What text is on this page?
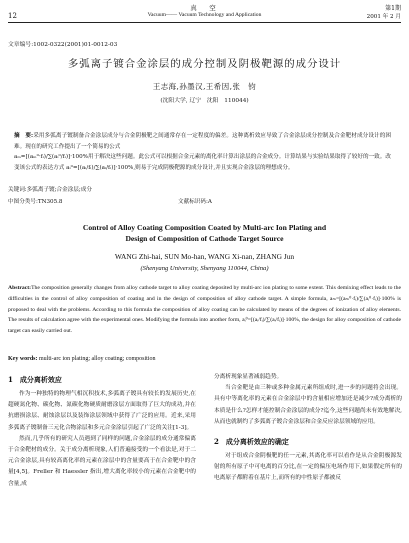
12
真　空
Vacuum—— Vacuum Technology and Application
第1期
2001 年 2 月
文章编号:1002-0322(2001)01-0012-03
多弧离子镀合金涂层的成分控制及阴极靶源的成分设计
王志海,孙墨汉,王希因,张　钧
(沈阳大学, 辽宁　沈阳　110044)

摘　要:采用多弧离子镀制备合金涂层成分与合金阴极靶之间通常存在一定程度的偏差。这种离析效应导致了合金涂层成分控制及合金靶材成分设计的困难。现在的研究工作提出了一个简易的公式

aₘ=[(aₘ⁰·fᵢ)/∑(aᵢ⁰/fᵢ)]·100%用于解决这些问题。此公式可以根据合金元素的离化率计算出涂层的合金成分。计算结果与实验结果取得了较好的一致。改变该公式的表达方式 aᵢ⁰=[(aᵢ/fᵢ)/∑(aᵢ/fᵢ)]·100%,则易于完成阴极靶源的成分设计,并且实现合金涂层的理想成分。

关键词:多弧离子镀;合金涂层;成分
中图分类号:TN305.8	文献标识码:A
Control of Alloy Coating Composition Coated by Multi-arc Ion Plating and
Design of Composition of Cathode Target Source
WANG Zhi-hai, SUN Mo-han, WANG Xi-nan, ZHANG Jun
(Shenyang University, Shenyang 110044, China)

Abstract:The composition generally changes from alloy cathode target to alloy coating deposited by multi-arc ion plating to some extent. This demixing effect leads to the difficulties in the control of alloy composition of coating and in the design of composition of alloy cathode target. A simple formula, aₘ=[(aₘ⁰·fᵢ)/∑(aᵢ⁰·fᵢ)]·100% is proposed to deal with the problems. According to this formula the composition of alloy coating can be calculated by means of the degrees of ionization of alloy elements. The results of calculation agree with the experimental ones. Modifying the formula into another form, aᵢ⁰=[(aᵢ/fᵢ)/∑(aᵢ/fᵢ)]·100%, the design for alloy composition of cathode target can easily carried out.

Key words: multi-arc ion plating; alloy coating; composition
1　成分离析效应

作为一种独特的物理气相沉积技术,多弧离子镀具有较长的发展历史,在超硬氮化物、碳化物、氮碳化物硬质耐磨涂层方面取得了巨大的成功,并在抗磨损涂层、耐蚀涂层以及装饰涂层领域中获得了广泛的应用。近来,采用多弧离子镀制备三元化合物涂层和多元合金涂层引起了广泛的关注[1-3]。

然而,几乎所有的研究人员遇到了同样的问题,合金涂层的成分通常偏离于合金靶材的成分。关于成分离析现象,人们普遍接受的一个看法是,对于二元合金涂层,具有较高离化率的元素在涂层中的含量要高于在合金靶中的含量[4,5]。Freller 和 Haessler 指出,增大离化率较小的元素在合金靶中的含量,成

分离析现象显著减弱趋势。

当合金靶是由三种或多种金属元素所组成时,进一步的问题将会出现。具有中等离化率的元素在合金涂层中的含量相应增加还是减少?成分离析的本质是什么?怎样才能控制合金涂层的成分?迄今,这些问题尚未有效地解决,从而也就制约了多弧离子镀合金涂层和合金反应涂层领域的应用。

2　成分离析效应的确定

对于组成合金阴极靶的任一元素,其离化率可以看作是从合金阴极源发射的所有原子中可电离的百分比,在一定的偏压电场作用下,如果假定所有的电离原子都附着在基片上,而所有的中性原子都被反
